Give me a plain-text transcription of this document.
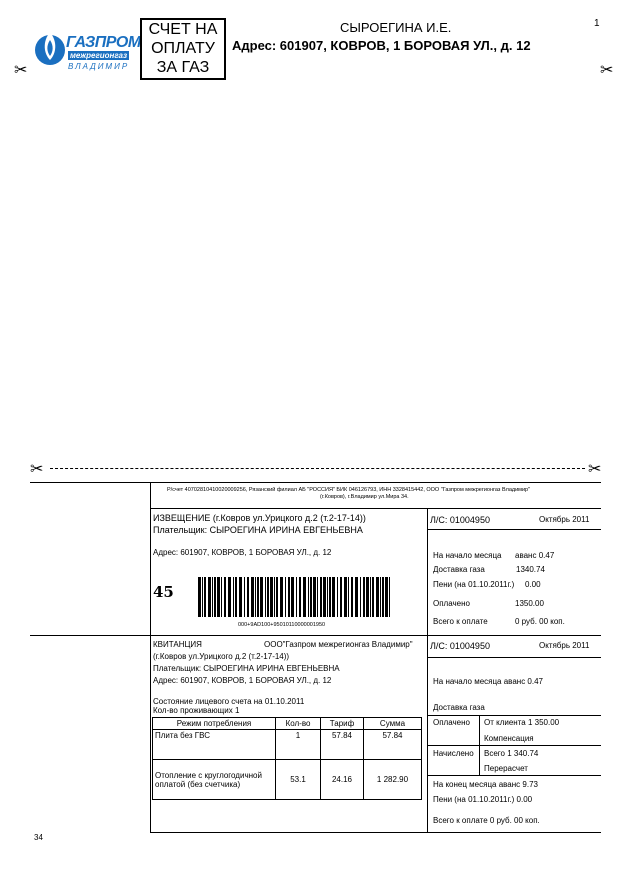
ГАЗПРОМ
межрегионгаз
ВЛАДИМИР
СЧЕТ НА
ОПЛАТУ
ЗА ГАЗ
СЫРОЕГИНА И.Е.
Адрес: 601907, КОВРОВ, 1 БОРОВАЯ УЛ., д. 12
1
✂	✂
✂	✂
Р/счет 40702810410020009256, Рязанский филиал АБ "РОССИЯ" БИК 046126793, ИНН 3328415442, ООО "Газпром межрегионгаз Владимир"
(г.Ковров), г.Владимир ул.Мира 34.
ИЗВЕЩЕНИЕ (г.Ковров ул.Урицкого д.2 (т.2-17-14))
Плательщик: СЫРОЕГИНА ИРИНА ЕВГЕНЬЕВНА
Адрес: 601907, КОВРОВ, 1 БОРОВАЯ УЛ., д. 12
45
000+9AD100+95010110000001950
Л/С: 01004950	Октябрь 2011
На начало месяца аванс 0.47
Доставка газа	1340.74
Пени (на 01.10.2011г.) 0.00
Оплачено	1350.00
Всего к оплате	0 руб. 00 коп.
КВИТАНЦИЯ	ООО"Газпром межрегионгаз Владимир"
(г.Ковров ул.Урицкого д.2 (т.2-17-14))
Плательщик: СЫРОЕГИНА ИРИНА ЕВГЕНЬЕВНА
Адрес: 601907, КОВРОВ, 1 БОРОВАЯ УЛ., д. 12
Состояние лицевого счета на 01.10.2011
Кол-во проживающих 1
Режим потребления	Кол-во	Тариф	Сумма
Плита без ГВС	1	57.84	57.84
Отопление с круглогодичной оплатой (без счетчика)	53.1	24.16	1 282.90
Л/С: 01004950	Октябрь 2011
На начало месяца аванс 0.47
Доставка газа
Оплачено От клиента 1 350.00
Компенсация
Начислено Всего 1 340.74
Перерасчет
На конец месяца аванс 9.73
Пени (на 01.10.2011г.) 0.00
Всего к оплате 0 руб. 00 коп.
34
